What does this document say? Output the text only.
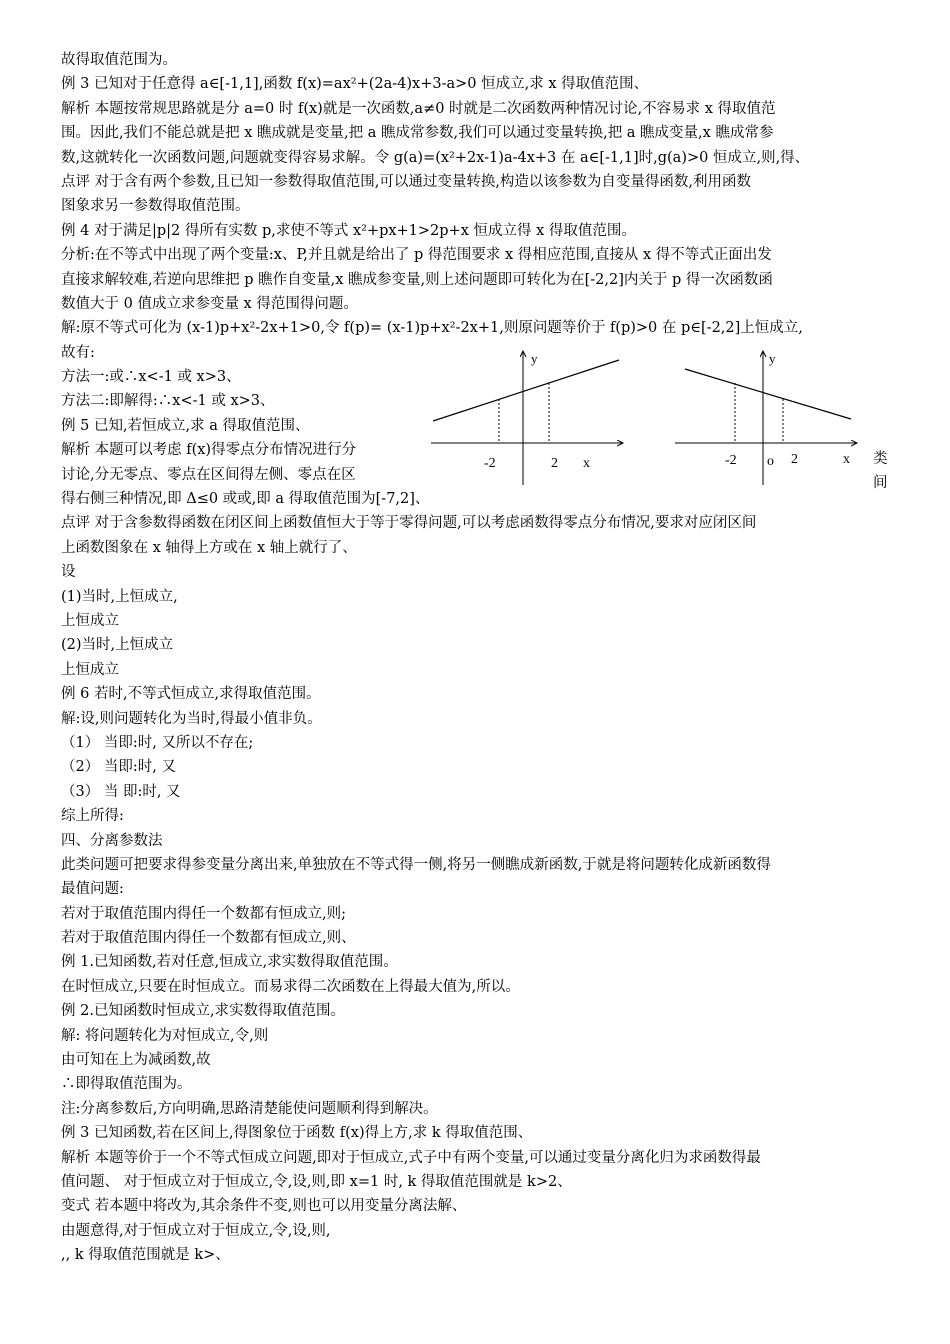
故得取值范围为。
例 3 已知对于任意得 a∈[-1,1],函数 f(x)=ax²+(2a-4)x+3-a>0 恒成立,求 x 得取值范围、
解析 本题按常规思路就是分 a=0 时 f(x)就是一次函数,a≠0 时就是二次函数两种情况讨论,不容易求 x 得取值范
围。因此,我们不能总就是把 x 瞧成就是变量,把 a 瞧成常参数,我们可以通过变量转换,把 a 瞧成变量,x 瞧成常参
数,这就转化一次函数问题,问题就变得容易求解。令 g(a)=(x²+2x-1)a-4x+3 在 a∈[-1,1]时,g(a)>0 恒成立,则,得、
点评 对于含有两个参数,且已知一参数得取值范围,可以通过变量转换,构造以该参数为自变量得函数,利用函数
图象求另一参数得取值范围。
例 4 对于满足|p|2 得所有实数 p,求使不等式 x²+px+1>2p+x 恒成立得 x 得取值范围。
分析:在不等式中出现了两个变量:x、P,并且就是给出了 p 得范围要求 x 得相应范围,直接从 x 得不等式正面出发
直接求解较难,若逆向思维把 p 瞧作自变量,x 瞧成参变量,则上述问题即可转化为在[-2,2]内关于 p 得一次函数函
数值大于 0 值成立求参变量 x 得范围得问题。
解:原不等式可化为 (x-1)p+x²-2x+1>0,令 f(p)= (x-1)p+x²-2x+1,则原问题等价于 f(p)>0 在 p∈[-2,2]上恒成立,
故有:
方法一:或∴x<-1 或 x>3、
方法二:即解得:∴x<-1 或 x>3、
例 5 已知,若恒成立,求 a 得取值范围、
解析 本题可以考虑 f(x)得零点分布情况进行分
讨论,分无零点、零点在区间得左侧、零点在区
得右侧三种情况,即 Δ≤0 或或,即 a 得取值范围为[-7,2]、
点评 对于含参数得函数在闭区间上函数值恒大于等于零得问题,可以考虑函数得零点分布情况,要求对应闭区间
上函数图象在 x 轴得上方或在 x 轴上就行了、
设
(1)当时,上恒成立,
上恒成立
(2)当时,上恒成立
上恒成立
例 6 若时,不等式恒成立,求得取值范围。
解:设,则问题转化为当时,得最小值非负。
（1） 当即:时, 又所以不存在;
（2） 当即:时, 又
（3） 当 即:时, 又
综上所得:
四、分离参数法
此类问题可把要求得参变量分离出来,单独放在不等式得一侧,将另一侧瞧成新函数,于就是将问题转化成新函数得
最值问题:
若对于取值范围内得任一个数都有恒成立,则;
若对于取值范围内得任一个数都有恒成立,则、
例 1.已知函数,若对任意,恒成立,求实数得取值范围。
在时恒成立,只要在时恒成立。而易求得二次函数在上得最大值为,所以。
例 2.已知函数时恒成立,求实数得取值范围。
解: 将问题转化为对恒成立,令,则
由可知在上为减函数,故
∴即得取值范围为。
注:分离参数后,方向明确,思路清楚能使问题顺利得到解决。
例 3 已知函数,若在区间上,得图象位于函数 f(x)得上方,求 k 得取值范围、
解析 本题等价于一个不等式恒成立问题,即对于恒成立,式子中有两个变量,可以通过变量分离化归为求函数得最
值问题、 对于恒成立对于恒成立,令,设,则,即 x=1 时, k 得取值范围就是 k>2、
变式 若本题中将改为,其余条件不变,则也可以用变量分离法解、
由题意得,对于恒成立对于恒成立,令,设,则,
,, k 得取值范围就是 k>、
y
-2	2 x
y
-2 o 2	x 类
间
